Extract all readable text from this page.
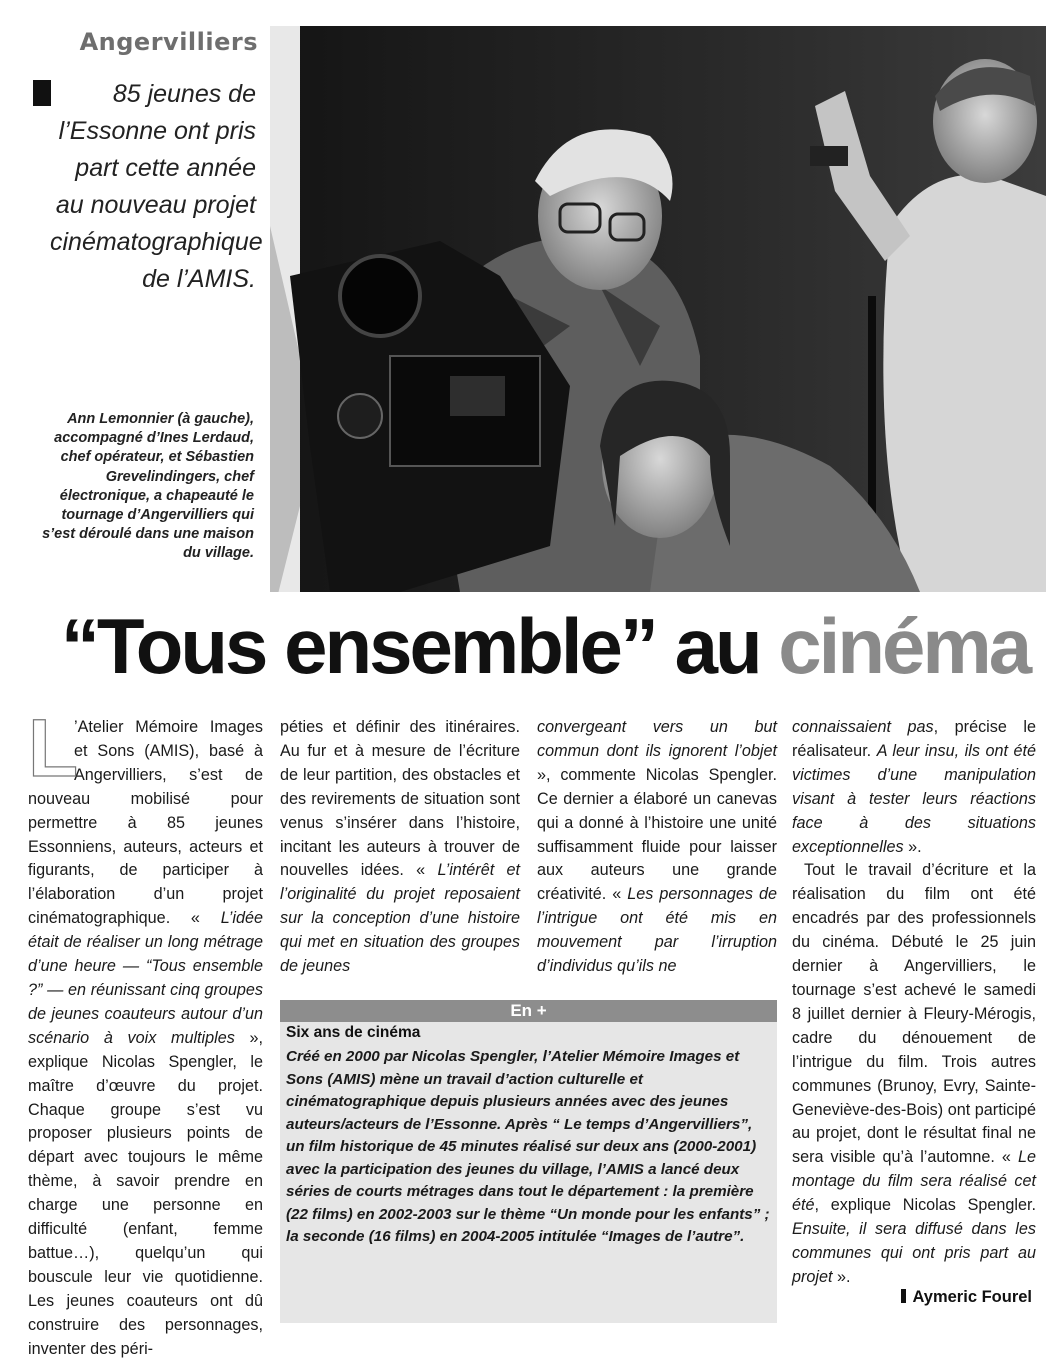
Angervilliers
85 jeunes de l’Essonne ont pris part cette année au nouveau projet cinématographique de l’AMIS.
Ann Lemonnier (à gauche), accompagné d’Ines Lerdaud, chef opérateur, et Sébastien Grevelindingers, chef électronique, a chapeauté le tournage d’Angervilliers qui s’est déroulé dans une maison du village.
“Tous ensemble” au cinéma

L
’Atelier Mémoire Images et Sons (AMIS), basé à Angervilliers, s’est de nouveau mobilisé pour permettre à 85 jeunes Essonniens, auteurs, acteurs et figurants, de participer à l’élaboration d’un projet cinématographique. « L’idée était de réaliser un long métrage d’une heure — “Tous ensemble ?” — en réunissant cinq groupes de jeunes coauteurs autour d’un scénario à voix multiples », explique Nicolas Spengler, le maître d’œuvre du projet. Chaque groupe s’est vu proposer plusieurs points de départ avec toujours le même thème, à savoir prendre en charge une personne en difficulté (enfant, femme battue…), quelqu’un qui bouscule leur vie quotidienne. Les jeunes coauteurs ont dû construire des personnages, inventer des péri-

péties et définir des itinéraires. Au fur et à mesure de l’écriture de leur partition, des obstacles et des revirements de situation sont venus s’insérer dans l’histoire, incitant les auteurs à trouver de nouvelles idées. « L’intérêt et l’originalité du projet reposaient sur la conception d’une histoire qui met en situation des groupes de jeunes

convergeant vers un but commun dont ils ignorent l’objet », commente Nicolas Spengler. Ce dernier a élaboré un canevas qui a donné à l’histoire une unité suffisamment fluide pour laisser aux auteurs une grande créativité. « Les personnages de l’intrigue ont été mis en mouvement par l’irruption d’individus qu’ils ne

connaissaient pas, précise le réalisateur. A leur insu, ils ont été victimes d’une manipulation visant à tester leurs réactions face à des situations exceptionnelles ».

Tout le travail d’écriture et la réalisation du film ont été encadrés par des professionnels du cinéma. Débuté le 25 juin dernier à Angervilliers, le tournage s’est achevé le samedi 8 juillet dernier à Fleury-Mérogis, cadre du dénouement de l’intrigue du film. Trois autres communes (Brunoy, Evry, Sainte-Geneviève-des-Bois) ont participé au projet, dont le résultat final ne sera visible qu’à l’automne. « Le montage du film sera réalisé cet été, explique Nicolas Spengler. Ensuite, il sera diffusé dans les communes qui ont pris part au projet ».

En +
Six ans de cinéma
Créé en 2000 par Nicolas Spengler, l’Atelier Mémoire Images et Sons (AMIS) mène un travail d’action culturelle et cinématographique depuis plusieurs années avec des jeunes auteurs/acteurs de l’Essonne. Après “ Le temps d’Angervilliers”, un film historique de 45 minutes réalisé sur deux ans (2000-2001) avec la participation des jeunes du village, l’AMIS a lancé deux séries de courts métrages dans tout le département : la première (22 films) en 2002-2003 sur le thème “Un monde pour les enfants” ; la seconde (16 films) en 2004-2005 intitulée “Images de l’autre”.
Aymeric Fourel
